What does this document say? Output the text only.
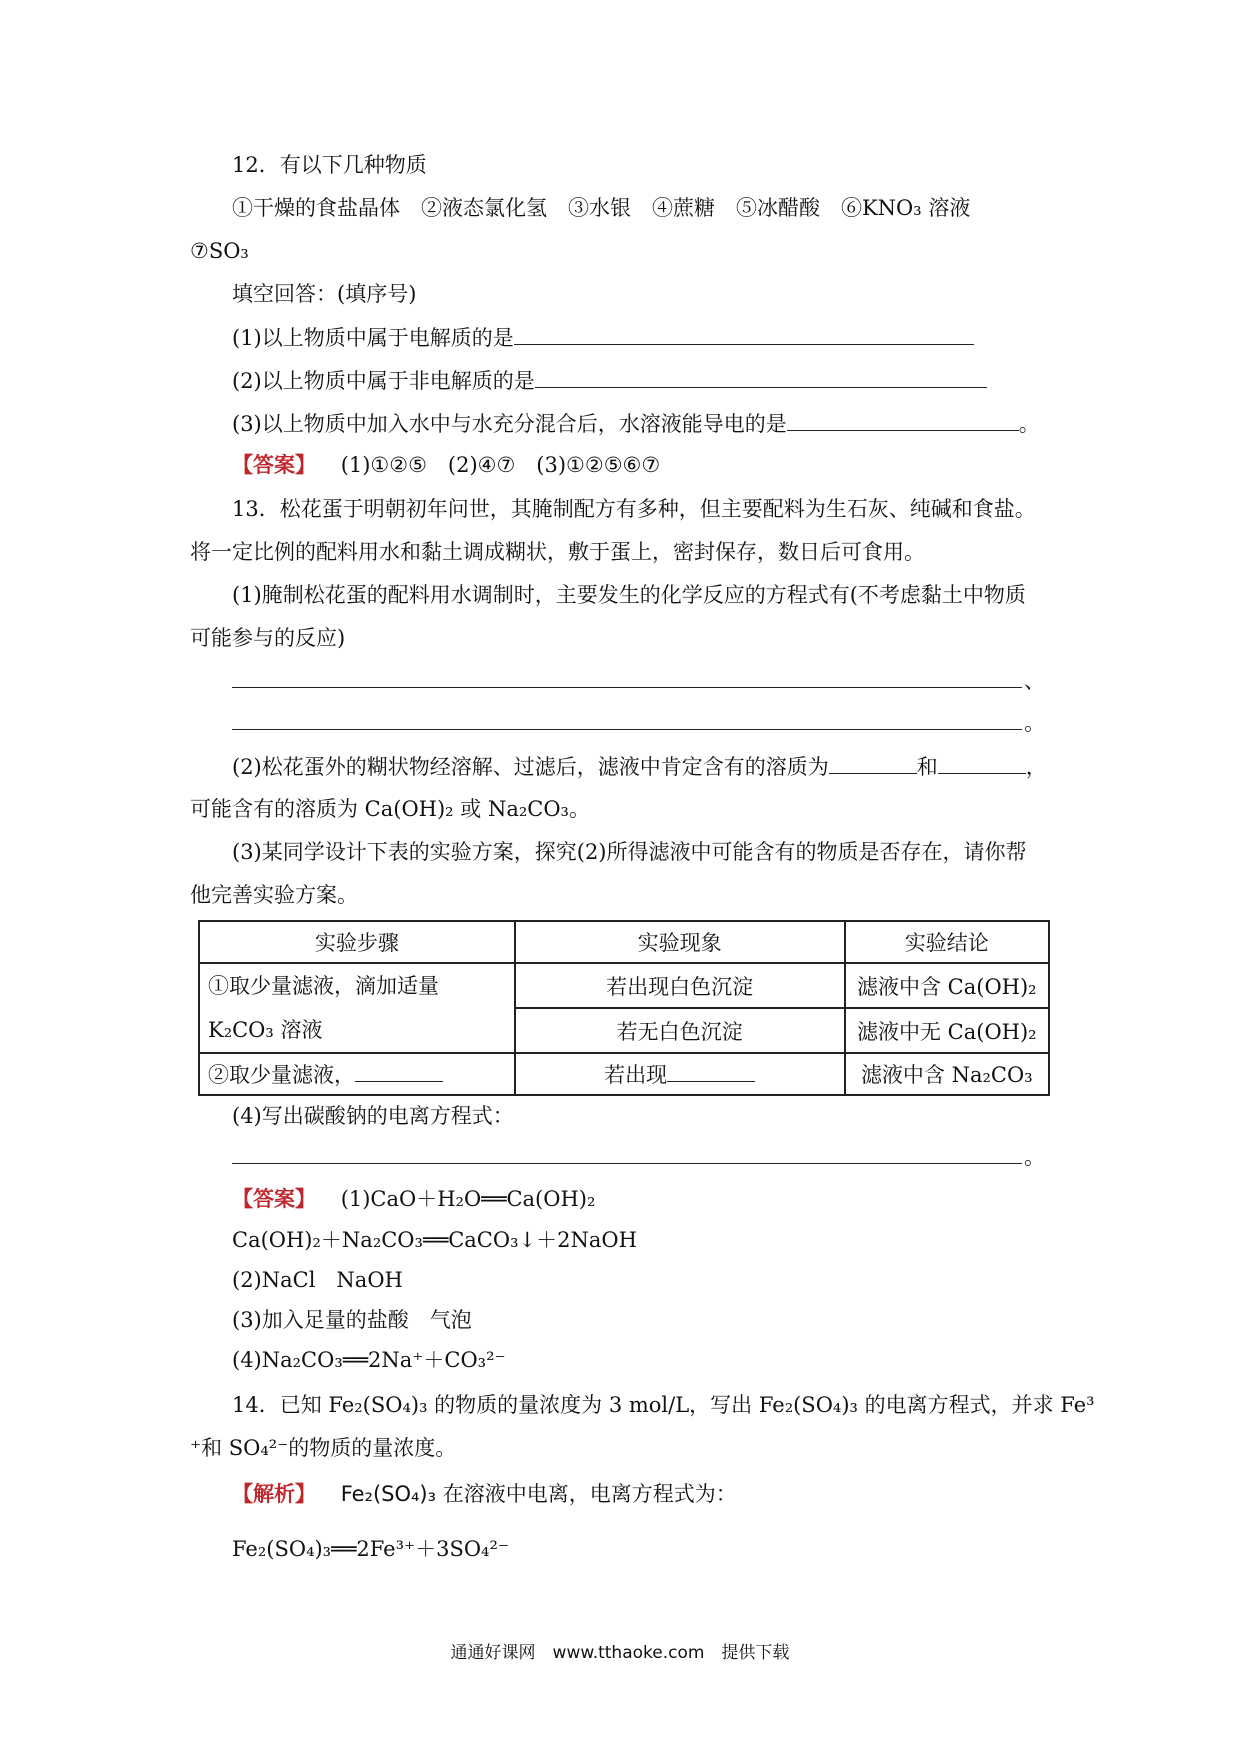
12．有以下几种物质
①干燥的食盐晶体　②液态氯化氢　③水银　④蔗糖　⑤冰醋酸　⑥KNO₃ 溶液
⑦SO₃
填空回答：(填序号)
(1)以上物质中属于电解质的是
(2)以上物质中属于非电解质的是
(3)以上物质中加入水中与水充分混合后，水溶液能导电的是	。
【答案】 (1)①②⑤　(2)④⑦　(3)①②⑤⑥⑦
13．松花蛋于明朝初年问世，其腌制配方有多种，但主要配料为生石灰、纯碱和食盐。
将一定比例的配料用水和黏土调成糊状，敷于蛋上，密封保存，数日后可食用。
(1)腌制松花蛋的配料用水调制时，主要发生的化学反应的方程式有(不考虑黏土中物质
可能参与的反应)
、
。
(2)松花蛋外的糊状物经溶解、过滤后，滤液中肯定含有的溶质为	和	，
可能含有的溶质为 Ca(OH)₂ 或 Na₂CO₃。
(3)某同学设计下表的实验方案，探究(2)所得滤液中可能含有的物质是否存在，请你帮
他完善实验方案。
实验步骤	实验现象	实验结论

①取少量滤液，滴加适量
K₂CO₃ 溶液	若出现白色沉淀	滤液中含 Ca(OH)₂
	若无白色沉淀	滤液中无 Ca(OH)₂
②取少量滤液，	若出现	滤液中含 Na₂CO₃
(4)写出碳酸钠的电离方程式：
。
【答案】 (1)CaO＋H₂O══Ca(OH)₂
Ca(OH)₂＋Na₂CO₃══CaCO₃↓＋2NaOH
(2)NaCl　NaOH
(3)加入足量的盐酸　气泡
(4)Na₂CO₃══2Na⁺＋CO₃²⁻
14．已知 Fe₂(SO₄)₃ 的物质的量浓度为 3 mol/L，写出 Fe₂(SO₄)₃ 的电离方程式，并求 Fe³
⁺和 SO₄²⁻的物质的量浓度。
【解析】 Fe₂(SO₄)₃ 在溶液中电离，电离方程式为：
Fe₂(SO₄)₃══2Fe³⁺＋3SO₄²⁻
通通好课网　www.tthaoke.com　提供下载
